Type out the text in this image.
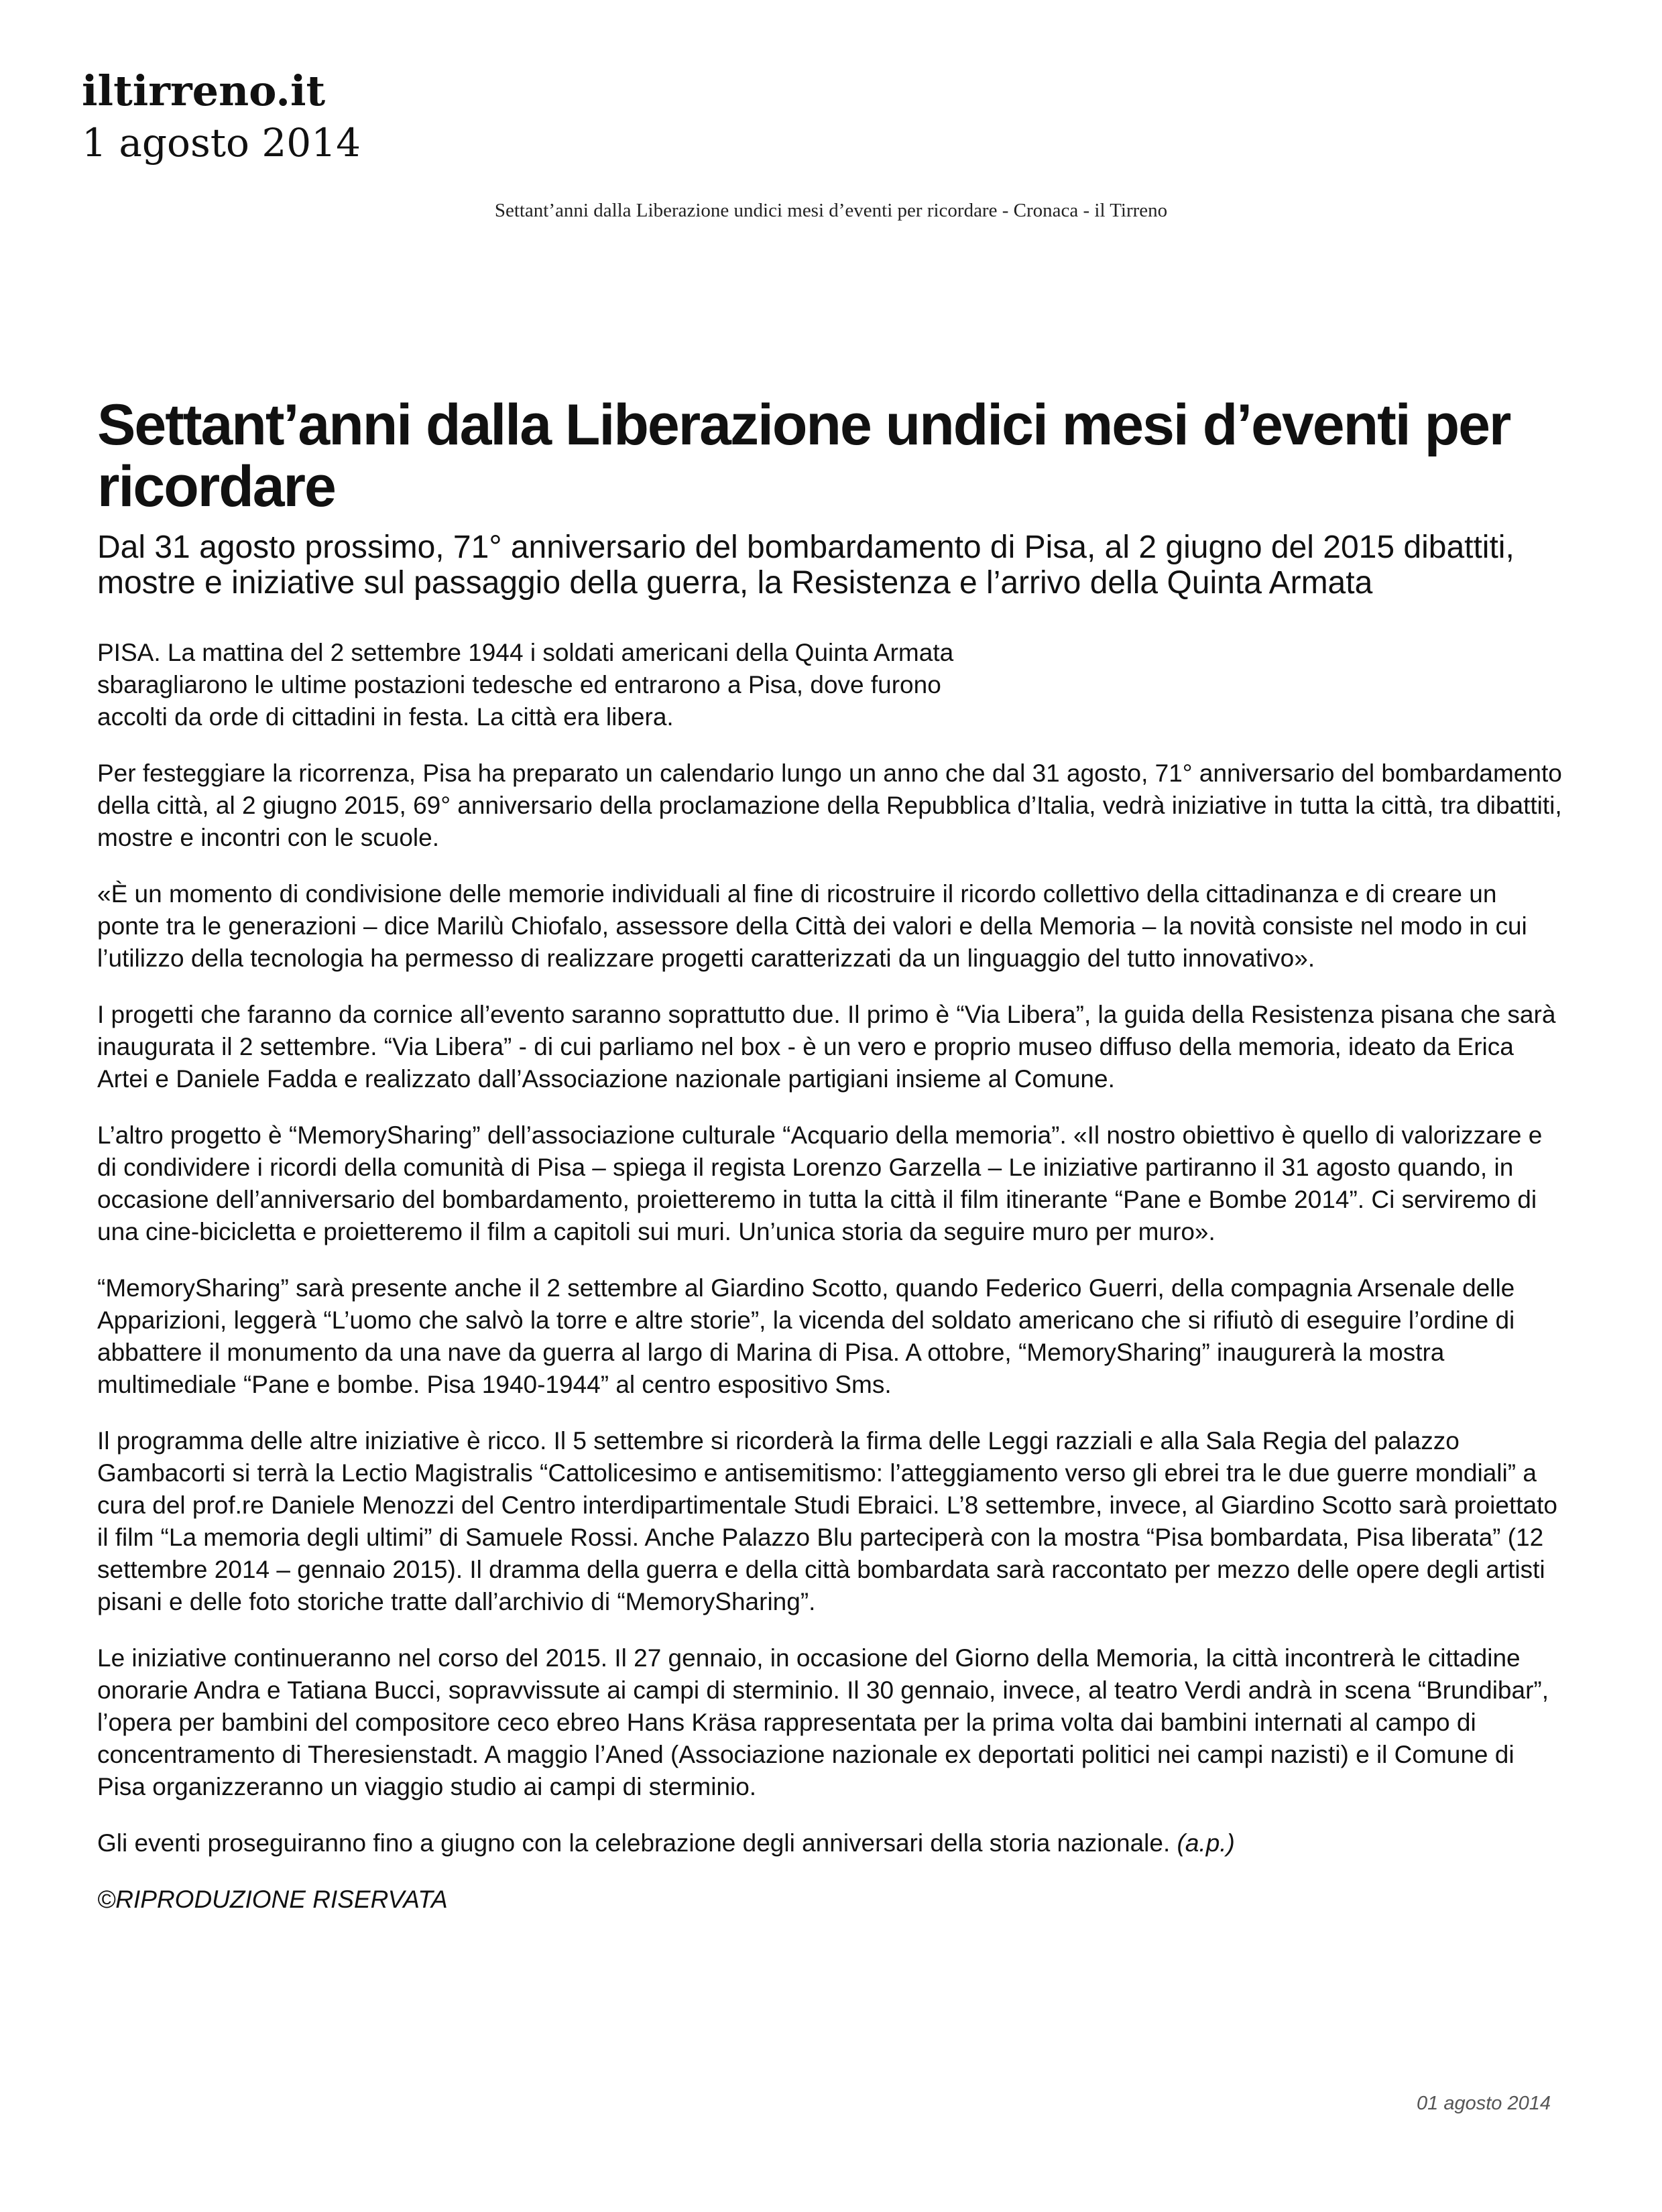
iltirreno.it
1 agosto 2014
Settant’anni dalla Liberazione undici mesi d’eventi per ricordare - Cronaca - il Tirreno
Settant’anni dalla Liberazione undici mesi d’eventi per ricordare

Dal 31 agosto prossimo, 71° anniversario del bombardamento di Pisa, al 2 giugno del 2015 dibattiti, mostre e iniziative sul passaggio della guerra, la Resistenza e l’arrivo della Quinta Armata

PISA. La mattina del 2 settembre 1944 i soldati americani della Quinta Armata sbaragliarono le ultime postazioni tedesche ed entrarono a Pisa, dove furono accolti da orde di cittadini in festa. La città era libera.

Per festeggiare la ricorrenza, Pisa ha preparato un calendario lungo un anno che dal 31 agosto, 71° anniversario del bombardamento della città, al 2 giugno 2015, 69° anniversario della proclamazione della Repubblica d’Italia, vedrà iniziative in tutta la città, tra dibattiti, mostre e incontri con le scuole.

«È un momento di condivisione delle memorie individuali al fine di ricostruire il ricordo collettivo della cittadinanza e di creare un ponte tra le generazioni – dice Marilù Chiofalo, assessore della Città dei valori e della Memoria – la novità consiste nel modo in cui l’utilizzo della tecnologia ha permesso di realizzare progetti caratterizzati da un linguaggio del tutto innovativo».

I progetti che faranno da cornice all’evento saranno soprattutto due. Il primo è “Via Libera”, la guida della Resistenza pisana che sarà inaugurata il 2 settembre. “Via Libera” - di cui parliamo nel box - è un vero e proprio museo diffuso della memoria, ideato da Erica Artei e Daniele Fadda e realizzato dall’Associazione nazionale partigiani insieme al Comune.

L’altro progetto è “MemorySharing” dell’associazione culturale “Acquario della memoria”. «Il nostro obiettivo è quello di valorizzare e di condividere i ricordi della comunità di Pisa – spiega il regista Lorenzo Garzella – Le iniziative partiranno il 31 agosto quando, in occasione dell’anniversario del bombardamento, proietteremo in tutta la città il film itinerante “Pane e Bombe 2014”. Ci serviremo di una cine-bicicletta e proietteremo il film a capitoli sui muri. Un’unica storia da seguire muro per muro».

“MemorySharing” sarà presente anche il 2 settembre al Giardino Scotto, quando Federico Guerri, della compagnia Arsenale delle Apparizioni, leggerà “L’uomo che salvò la torre e altre storie”, la vicenda del soldato americano che si rifiutò di eseguire l’ordine di abbattere il monumento da una nave da guerra al largo di Marina di Pisa. A ottobre, “MemorySharing” inaugurerà la mostra multimediale “Pane e bombe. Pisa 1940-1944” al centro espositivo Sms.

Il programma delle altre iniziative è ricco. Il 5 settembre si ricorderà la firma delle Leggi razziali e alla Sala Regia del palazzo Gambacorti si terrà la Lectio Magistralis “Cattolicesimo e antisemitismo: l’atteggiamento verso gli ebrei tra le due guerre mondiali” a cura del prof.re Daniele Menozzi del Centro interdipartimentale Studi Ebraici. L’8 settembre, invece, al Giardino Scotto sarà proiettato il film “La memoria degli ultimi” di Samuele Rossi. Anche Palazzo Blu parteciperà con la mostra “Pisa bombardata, Pisa liberata” (12 settembre 2014 – gennaio 2015). Il dramma della guerra e della città bombardata sarà raccontato per mezzo delle opere degli artisti pisani e delle foto storiche tratte dall’archivio di “MemorySharing”.

Le iniziative continueranno nel corso del 2015. Il 27 gennaio, in occasione del Giorno della Memoria, la città incontrerà le cittadine onorarie Andra e Tatiana Bucci, sopravvissute ai campi di sterminio. Il 30 gennaio, invece, al teatro Verdi andrà in scena “Brundibar”, l’opera per bambini del compositore ceco ebreo Hans Kräsa rappresentata per la prima volta dai bambini internati al campo di concentramento di Theresienstadt. A maggio l’Aned (Associazione nazionale ex deportati politici nei campi nazisti) e il Comune di Pisa organizzeranno un viaggio studio ai campi di sterminio.

Gli eventi proseguiranno fino a giugno con la celebrazione degli anniversari della storia nazionale. (a.p.)

©RIPRODUZIONE RISERVATA

01 agosto 2014
